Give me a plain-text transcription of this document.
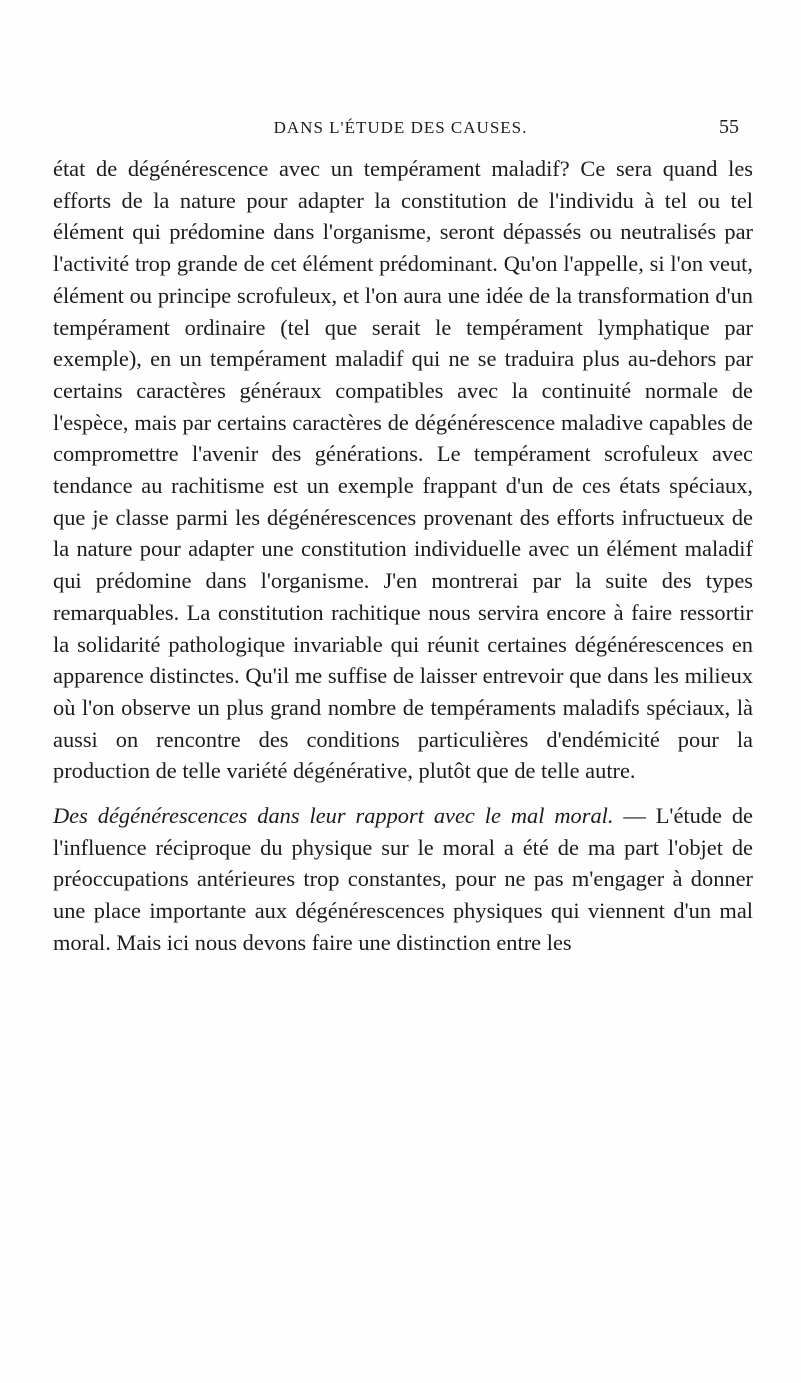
DANS L'ÉTUDE DES CAUSES.	55

état de dégénérescence avec un tempérament maladif? Ce sera quand les efforts de la nature pour adapter la constitution de l'individu à tel ou tel élément qui prédomine dans l'organisme, seront dépassés ou neutralisés par l'activité trop grande de cet élément prédominant. Qu'on l'appelle, si l'on veut, élément ou principe scrofuleux, et l'on aura une idée de la transformation d'un tempérament ordinaire (tel que serait le tempérament lymphatique par exemple), en un tempérament maladif qui ne se traduira plus au-dehors par certains caractères généraux compatibles avec la continuité normale de l'espèce, mais par certains caractères de dégénérescence maladive capables de compromettre l'avenir des générations. Le tempérament scrofuleux avec tendance au rachitisme est un exemple frappant d'un de ces états spéciaux, que je classe parmi les dégénérescences provenant des efforts infructueux de la nature pour adapter une constitution individuelle avec un élément maladif qui prédomine dans l'organisme. J'en montrerai par la suite des types remarquables. La constitution rachitique nous servira encore à faire ressortir la solidarité pathologique invariable qui réunit certaines dégénérescences en apparence distinctes. Qu'il me suffise de laisser entrevoir que dans les milieux où l'on observe un plus grand nombre de tempéraments maladifs spéciaux, là aussi on rencontre des conditions particulières d'endémicité pour la production de telle variété dégénérative, plutôt que de telle autre.

Des dégénérescences dans leur rapport avec le mal moral. — L'étude de l'influence réciproque du physique sur le moral a été de ma part l'objet de préoccupations antérieures trop constantes, pour ne pas m'engager à donner une place importante aux dégénérescences physiques qui viennent d'un mal moral. Mais ici nous devons faire une distinction entre les
